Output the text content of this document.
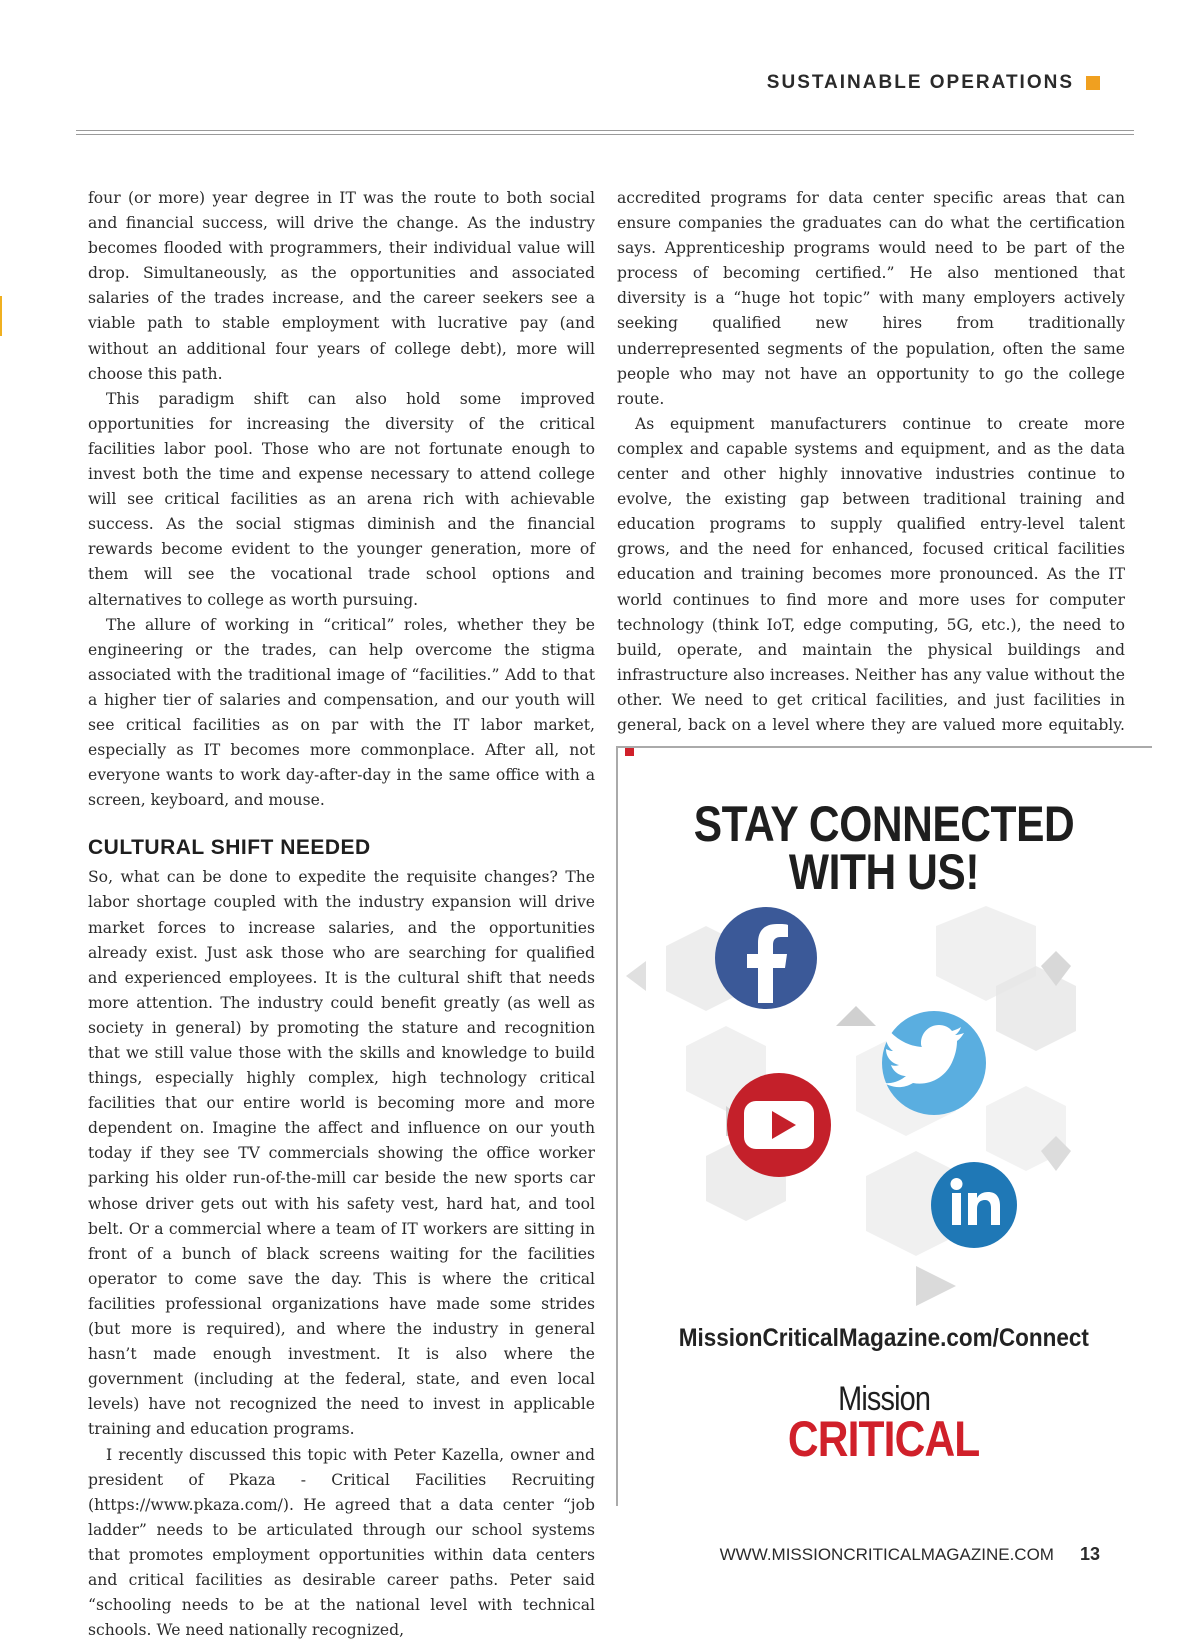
SUSTAINABLE OPERATIONS

four (or more) year degree in IT was the route to both social and financial success, will drive the change. As the industry becomes flooded with programmers, their individual value will drop. Simultaneously, as the opportunities and associated salaries of the trades increase, and the career seekers see a viable path to stable employment with lucrative pay (and without an additional four years of college debt), more will choose this path.

This paradigm shift can also hold some improved opportunities for increasing the diversity of the critical facilities labor pool. Those who are not fortunate enough to invest both the time and expense necessary to attend college will see critical facilities as an arena rich with achievable success. As the social stigmas diminish and the financial rewards become evident to the younger generation, more of them will see the vocational trade school options and alternatives to college as worth pursuing.

The allure of working in “critical” roles, whether they be engineering or the trades, can help overcome the stigma associated with the traditional image of “facilities.” Add to that a higher tier of salaries and compensation, and our youth will see critical facilities as on par with the IT labor market, especially as IT becomes more commonplace. After all, not everyone wants to work day-after-day in the same office with a screen, keyboard, and mouse.

CULTURAL SHIFT NEEDED

So, what can be done to expedite the requisite changes? The labor shortage coupled with the industry expansion will drive market forces to increase salaries, and the opportunities already exist. Just ask those who are searching for qualified and experienced employees. It is the cultural shift that needs more attention. The industry could benefit greatly (as well as society in general) by promoting the stature and recognition that we still value those with the skills and knowledge to build things, especially highly complex, high technology critical facilities that our entire world is becoming more and more dependent on. Imagine the affect and influence on our youth today if they see TV commercials showing the office worker parking his older run-of-the-mill car beside the new sports car whose driver gets out with his safety vest, hard hat, and tool belt. Or a commercial where a team of IT workers are sitting in front of a bunch of black screens waiting for the facilities operator to come save the day. This is where the critical facilities professional organizations have made some strides (but more is required), and where the industry in general hasn’t made enough investment. It is also where the government (including at the federal, state, and even local levels) have not recognized the need to invest in applicable training and education programs.

I recently discussed this topic with Peter Kazella, owner and president of Pkaza - Critical Facilities Recruiting (https://www.pkaza.com/). He agreed that a data center “job ladder” needs to be articulated through our school systems that promotes employment opportunities within data centers and critical facilities as desirable career paths. Peter said “schooling needs to be at the national level with technical schools. We need nationally recognized,

accredited programs for data center specific areas that can ensure companies the graduates can do what the certification says. Apprenticeship programs would need to be part of the process of becoming certified.” He also mentioned that diversity is a “huge hot topic” with many employers actively seeking qualified new hires from traditionally underrepresented segments of the population, often the same people who may not have an opportunity to go the college route.

As equipment manufacturers continue to create more complex and capable systems and equipment, and as the data center and other highly innovative industries continue to evolve, the existing gap between traditional training and education programs to supply qualified entry-level talent grows, and the need for enhanced, focused critical facilities education and training becomes more pronounced. As the IT world continues to find more and more uses for computer technology (think IoT, edge computing, 5G, etc.), the need to build, operate, and maintain the physical buildings and infrastructure also increases. Neither has any value without the other. We need to get critical facilities, and just facilities in general, back on a level where they are valued more equitably.

STAY CONNECTED
WITH US!
MissionCriticalMagazine.com/Connect
Mission
CRITICAL
WWW.MISSIONCRITICALMAGAZINE.COM 13
